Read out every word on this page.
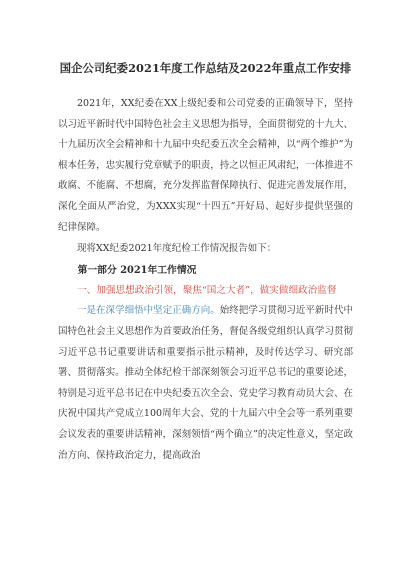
国企公司纪委2021年度工作总结及2022年重点工作安排

2021年，XX纪委在XX上级纪委和公司党委的正确领导下，坚持以习近平新时代中国特色社会主义思想为指导，全面贯彻党的十九大、十九届历次全会精神和十九届中央纪委五次全会精神，以“两个维护”为根本任务，忠实履行党章赋予的职责，持之以恒正风肃纪，一体推进不敢腐、不能腐、不想腐，充分发挥监督保障执行、促进完善发展作用，深化全面从严治党，为XXX实现“十四五”开好局、起好步提供坚强的纪律保障。

现将XX纪委2021年度纪检工作情况报告如下：

第一部分 2021年工作情况

一、加强思想政治引领，聚焦“国之大者”，做实做细政治监督

一是在深学细悟中坚定正确方向。始终把学习贯彻习近平新时代中国特色社会主义思想作为首要政治任务，督促各级党组织认真学习贯彻习近平总书记重要讲话和重要指示批示精神，及时传达学习、研究部署、贯彻落实。推动全体纪检干部深刻领会习近平总书记的重要论述，特别是习近平总书记在中央纪委五次全会、党史学习教育动员大会、在庆祝中国共产党成立100周年大会、党的十九届六中全会等一系列重要会议发表的重要讲话精神，深刻领悟“两个确立”的决定性意义，坚定政治方向、保持政治定力，提高政治
